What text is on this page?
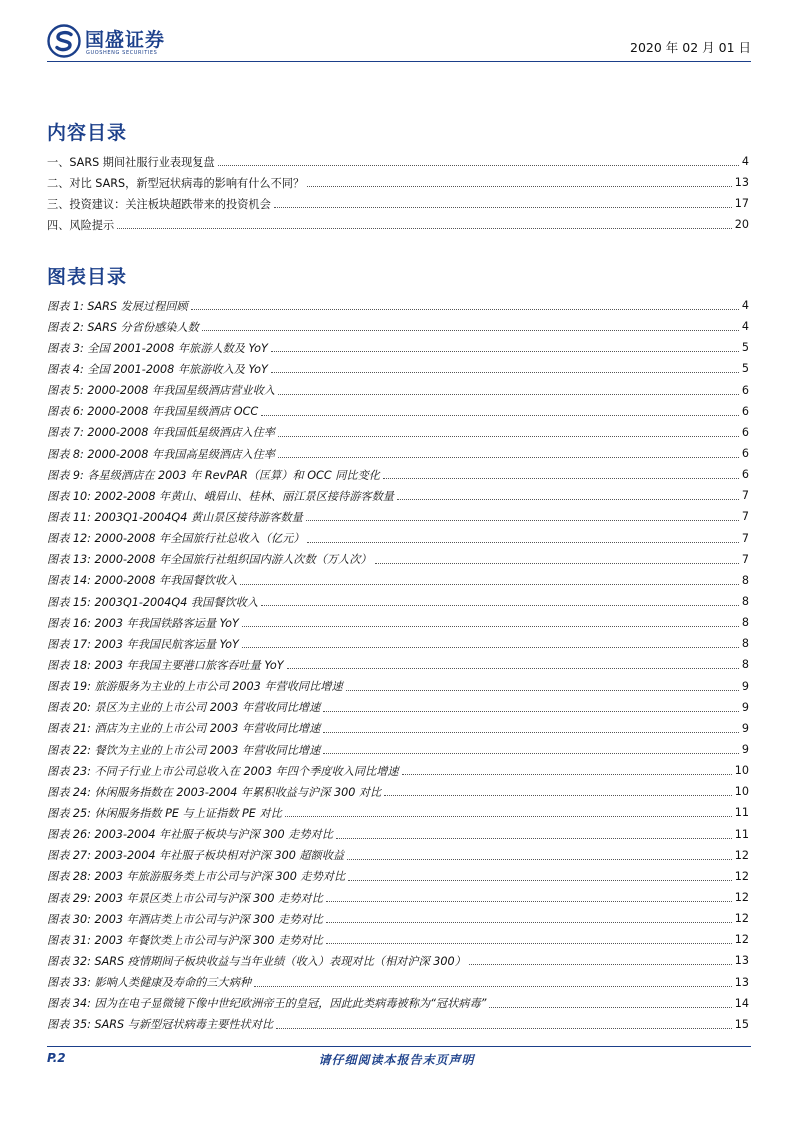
国盛证券
GUOSHENG SECURITIES	2020 年 02 月 01 日
内容目录
一、SARS 期间社服行业表现复盘	4
二、对比 SARS，新型冠状病毒的影响有什么不同？	13
三、投资建议：关注板块超跌带来的投资机会	17
四、风险提示	20
图表目录
图表 1: SARS 发展过程回顾	4
图表 2: SARS 分省份感染人数	4
图表 3: 全国 2001-2008 年旅游人数及 YoY	5
图表 4: 全国 2001-2008 年旅游收入及 YoY	5
图表 5: 2000-2008 年我国星级酒店营业收入	6
图表 6: 2000-2008 年我国星级酒店 OCC	6
图表 7: 2000-2008 年我国低星级酒店入住率	6
图表 8: 2000-2008 年我国高星级酒店入住率	6
图表 9: 各星级酒店在 2003 年 RevPAR（匡算）和 OCC 同比变化	6
图表 10: 2002-2008 年黄山、峨眉山、桂林、丽江景区接待游客数量	7
图表 11: 2003Q1-2004Q4 黄山景区接待游客数量	7
图表 12: 2000-2008 年全国旅行社总收入（亿元）	7
图表 13: 2000-2008 年全国旅行社组织国内游人次数（万人次）	7
图表 14: 2000-2008 年我国餐饮收入	8
图表 15: 2003Q1-2004Q4 我国餐饮收入	8
图表 16: 2003 年我国铁路客运量 YoY	8
图表 17: 2003 年我国民航客运量 YoY	8
图表 18: 2003 年我国主要港口旅客吞吐量 YoY	8
图表 19: 旅游服务为主业的上市公司 2003 年营收同比增速	9
图表 20: 景区为主业的上市公司 2003 年营收同比增速	9
图表 21: 酒店为主业的上市公司 2003 年营收同比增速	9
图表 22: 餐饮为主业的上市公司 2003 年营收同比增速	9
图表 23: 不同子行业上市公司总收入在 2003 年四个季度收入同比增速	10
图表 24: 休闲服务指数在 2003-2004 年累积收益与沪深 300 对比	10
图表 25: 休闲服务指数 PE 与上证指数 PE 对比	11
图表 26: 2003-2004 年社服子板块与沪深 300 走势对比	11
图表 27: 2003-2004 年社服子板块相对沪深 300 超额收益	12
图表 28: 2003 年旅游服务类上市公司与沪深 300 走势对比	12
图表 29: 2003 年景区类上市公司与沪深 300 走势对比	12
图表 30: 2003 年酒店类上市公司与沪深 300 走势对比	12
图表 31: 2003 年餐饮类上市公司与沪深 300 走势对比	12
图表 32: SARS 疫情期间子板块收益与当年业绩（收入）表现对比（相对沪深 300）	13
图表 33: 影响人类健康及寿命的三大病种	13
图表 34: 因为在电子显微镜下像中世纪欧洲帝王的皇冠，因此此类病毒被称为“冠状病毒”	14
图表 35: SARS 与新型冠状病毒主要性状对比	15
P.2	请仔细阅读本报告末页声明
